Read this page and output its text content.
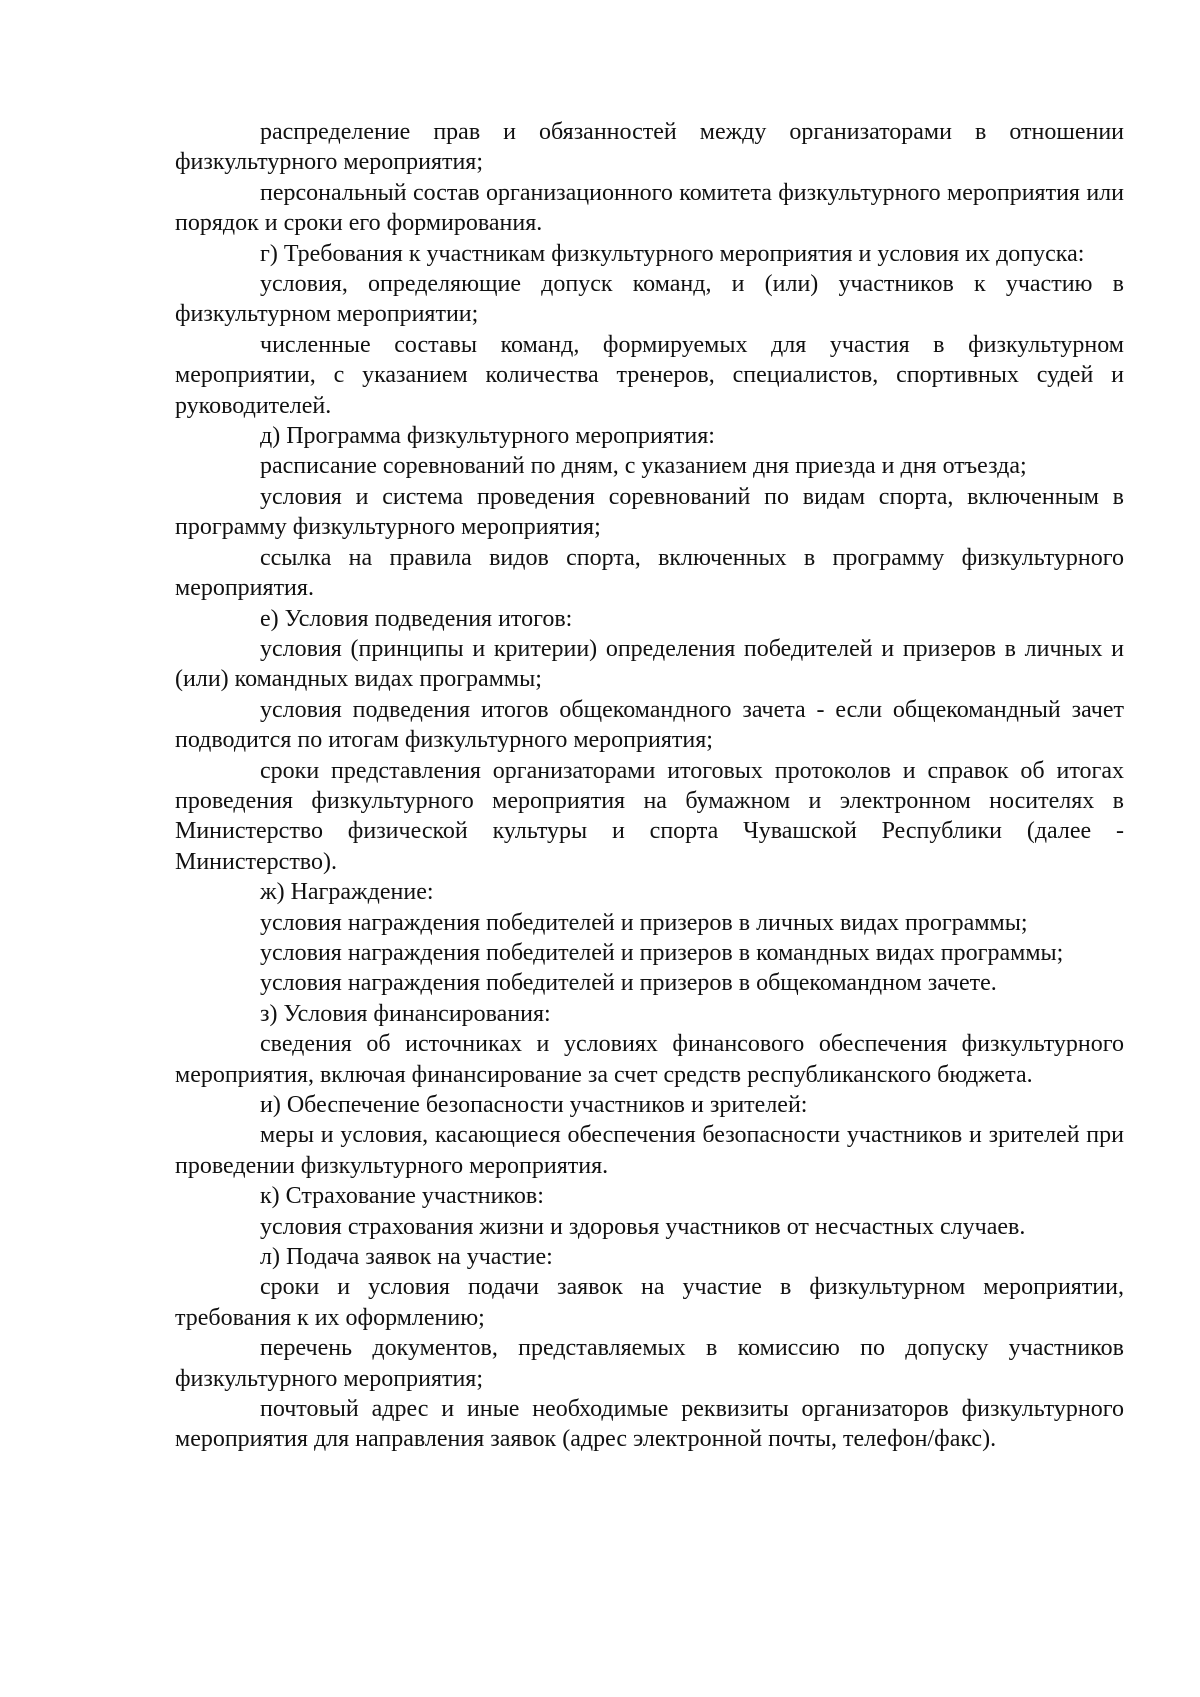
распределение прав и обязанностей между организаторами в отношении физкультурного мероприятия;

персональный состав организационного комитета физкультурного мероприятия или порядок и сроки его формирования.

г) Требования к участникам физкультурного мероприятия и условия их допуска:

условия, определяющие допуск команд, и (или) участников к участию в физкультурном мероприятии;

численные составы команд, формируемых для участия в физкультурном мероприятии, с указанием количества тренеров, специалистов, спортивных судей и руководителей.

д) Программа физкультурного мероприятия:

расписание соревнований по дням, с указанием дня приезда и дня отъезда;

условия и система проведения соревнований по видам спорта, включенным в программу физкультурного мероприятия;

ссылка на правила видов спорта, включенных в программу физкультурного мероприятия.

е) Условия подведения итогов:

условия (принципы и критерии) определения победителей и призеров в личных и (или) командных видах программы;

условия подведения итогов общекомандного зачета - если общекомандный зачет подводится по итогам физкультурного мероприятия;

сроки представления организаторами итоговых протоколов и справок об итогах проведения физкультурного мероприятия на бумажном и электронном носителях в Министерство физической культуры и спорта Чувашской Республики (далее - Министерство).

ж) Награждение:

условия награждения победителей и призеров в личных видах программы;

условия награждения победителей и призеров в командных видах программы;

условия награждения победителей и призеров в общекомандном зачете.

з) Условия финансирования:

сведения об источниках и условиях финансового обеспечения физкультурного мероприятия, включая финансирование за счет средств республиканского бюджета.

и) Обеспечение безопасности участников и зрителей:

меры и условия, касающиеся обеспечения безопасности участников и зрителей при проведении физкультурного мероприятия.

к) Страхование участников:

условия страхования жизни и здоровья участников от несчастных случаев.

л) Подача заявок на участие:

сроки и условия подачи заявок на участие в физкультурном мероприятии, требования к их оформлению;

перечень документов, представляемых в комиссию по допуску участников физкультурного мероприятия;

почтовый адрес и иные необходимые реквизиты организаторов физкультурного мероприятия для направления заявок (адрес электронной почты, телефон/факс).
